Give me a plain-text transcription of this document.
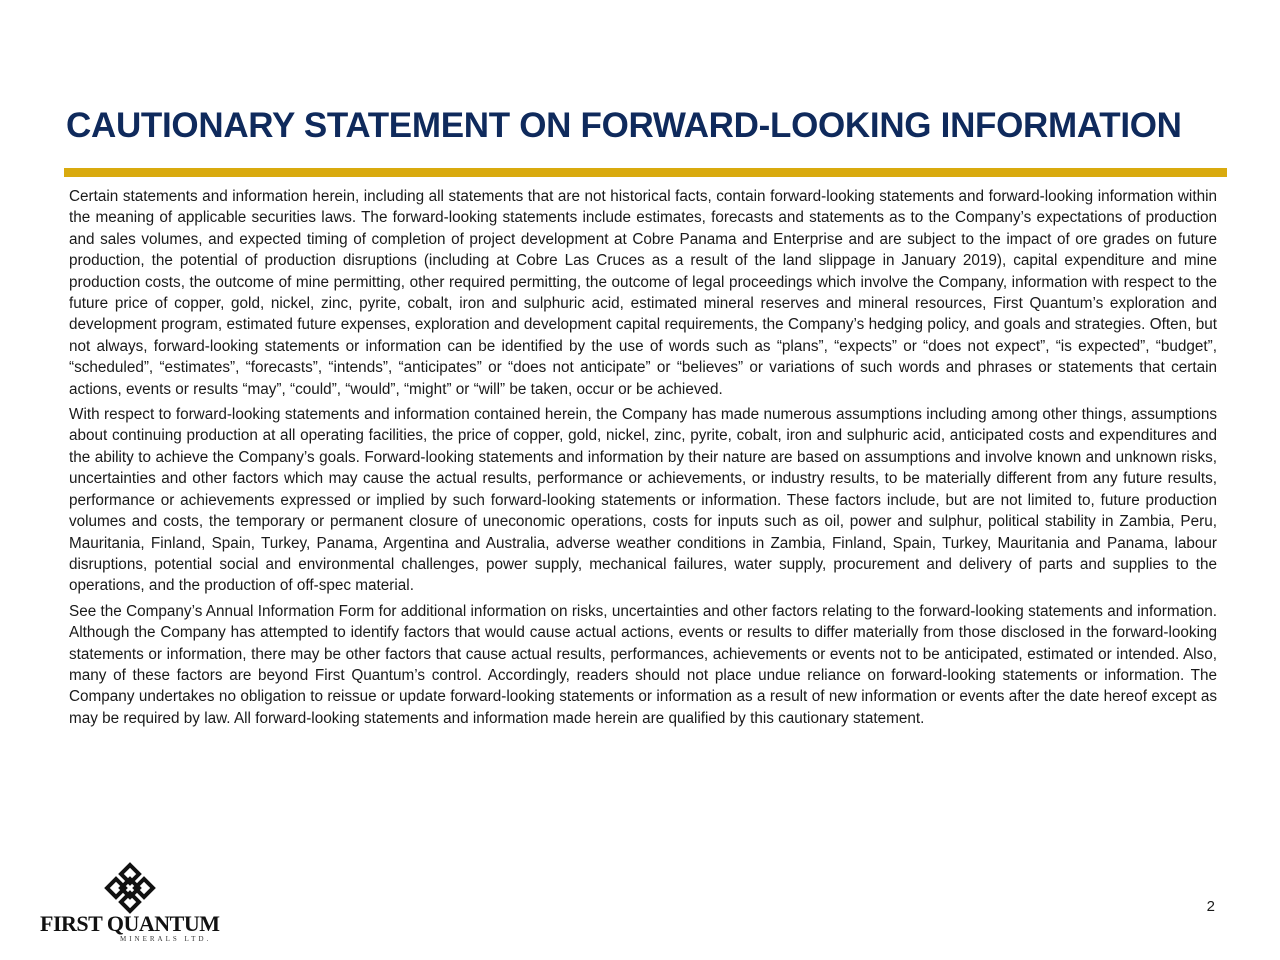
CAUTIONARY STATEMENT ON FORWARD-LOOKING INFORMATION

Certain statements and information herein, including all statements that are not historical facts, contain forward-looking statements and forward-looking information within the meaning of applicable securities laws. The forward-looking statements include estimates, forecasts and statements as to the Company’s expectations of production and sales volumes, and expected timing of completion of project development at Cobre Panama and Enterprise and are subject to the impact of ore grades on future production, the potential of production disruptions (including at Cobre Las Cruces as a result of the land slippage in January 2019), capital expenditure and mine production costs, the outcome of mine permitting, other required permitting, the outcome of legal proceedings which involve the Company, information with respect to the future price of copper, gold, nickel, zinc, pyrite, cobalt, iron and sulphuric acid, estimated mineral reserves and mineral resources, First Quantum’s exploration and development program, estimated future expenses, exploration and development capital requirements, the Company’s hedging policy, and goals and strategies. Often, but not always, forward-looking statements or information can be identified by the use of words such as “plans”, “expects” or “does not expect”, “is expected”, “budget”, “scheduled”, “estimates”, “forecasts”, “intends”, “anticipates” or “does not anticipate” or “believes” or variations of such words and phrases or statements that certain actions, events or results “may”, “could”, “would”, “might” or “will” be taken, occur or be achieved.

With respect to forward-looking statements and information contained herein, the Company has made numerous assumptions including among other things, assumptions about continuing production at all operating facilities, the price of copper, gold, nickel, zinc, pyrite, cobalt, iron and sulphuric acid, anticipated costs and expenditures and the ability to achieve the Company’s goals. Forward-looking statements and information by their nature are based on assumptions and involve known and unknown risks, uncertainties and other factors which may cause the actual results, performance or achievements, or industry results, to be materially different from any future results, performance or achievements expressed or implied by such forward-looking statements or information. These factors include, but are not limited to, future production volumes and costs, the temporary or permanent closure of uneconomic operations, costs for inputs such as oil, power and sulphur, political stability in Zambia, Peru, Mauritania, Finland, Spain, Turkey, Panama, Argentina and Australia, adverse weather conditions in Zambia, Finland, Spain, Turkey, Mauritania and Panama, labour disruptions, potential social and environmental challenges, power supply, mechanical failures, water supply, procurement and delivery of parts and supplies to the operations, and the production of off-spec material.

See the Company’s Annual Information Form for additional information on risks, uncertainties and other factors relating to the forward-looking statements and information. Although the Company has attempted to identify factors that would cause actual actions, events or results to differ materially from those disclosed in the forward-looking statements or information, there may be other factors that cause actual results, performances, achievements or events not to be anticipated, estimated or intended. Also, many of these factors are beyond First Quantum’s control. Accordingly, readers should not place undue reliance on forward-looking statements or information. The Company undertakes no obligation to reissue or update forward-looking statements or information as a result of new information or events after the date hereof except as may be required by law. All forward-looking statements and information made herein are qualified by this cautionary statement.

FIRST QUANTUM
MINERALS LTD.
2
